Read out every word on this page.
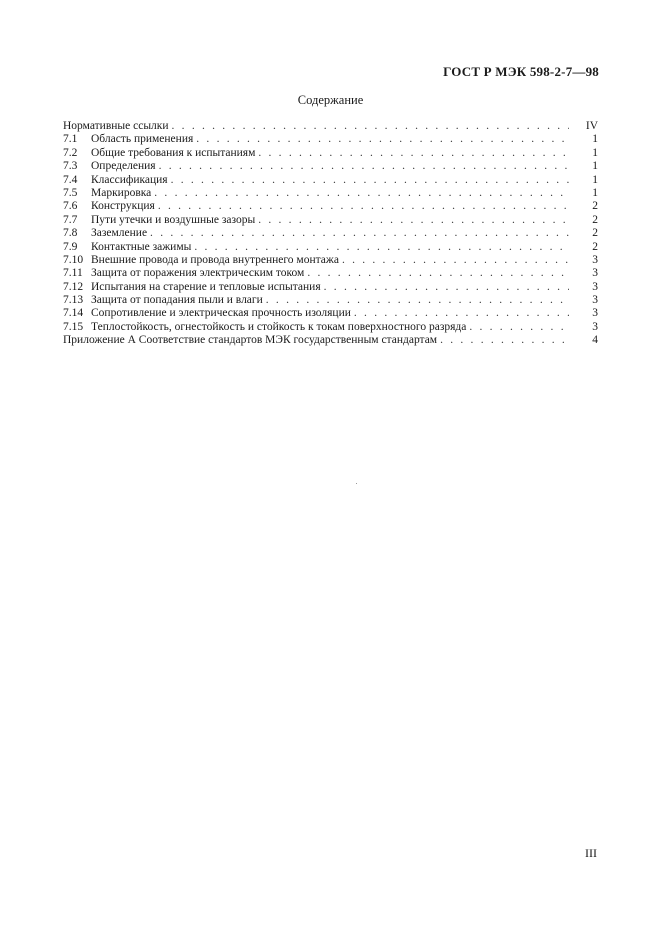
ГОСТ Р МЭК 598-2-7—98
Содержание
Нормативные ссылки . . .	IV
7.1	Область применения . . .	1
7.2	Общие требования к испытаниям . . .	1
7.3	Определения . . .	1
7.4	Классификация . . .	1
7.5	Маркировка . . .	1
7.6	Конструкция . . .	2
7.7	Пути утечки и воздушные зазоры . . .	2
7.8	Заземление . . .	2
7.9	Контактные зажимы . . .	2
7.10 Внешние провода и провода внутреннего монтажа . . .	3
7.11 Защита от поражения электрическим током . . .	3
7.12 Испытания на старение и тепловые испытания . . .	3
7.13 Защита от попадания пыли и влаги . . .	3
7.14 Сопротивление и электрическая прочность изоляции . . .	3
7.15 Теплостойкость, огнестойкость и стойкость к токам поверхностного разряда . . .	3
Приложение А Соответствие стандартов МЭК государственным стандартам . . .	4
III
